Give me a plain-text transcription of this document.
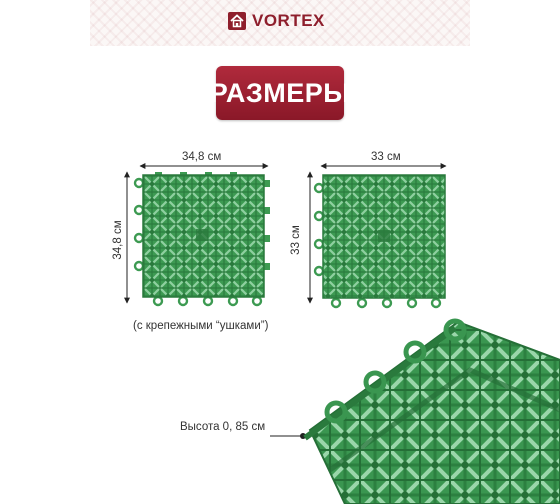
VORTEX
РАЗМЕРЫ
34,8 см
34,8 см
33 см
33 см
(с крепежными “ушками”)
Высота 0, 85 см
